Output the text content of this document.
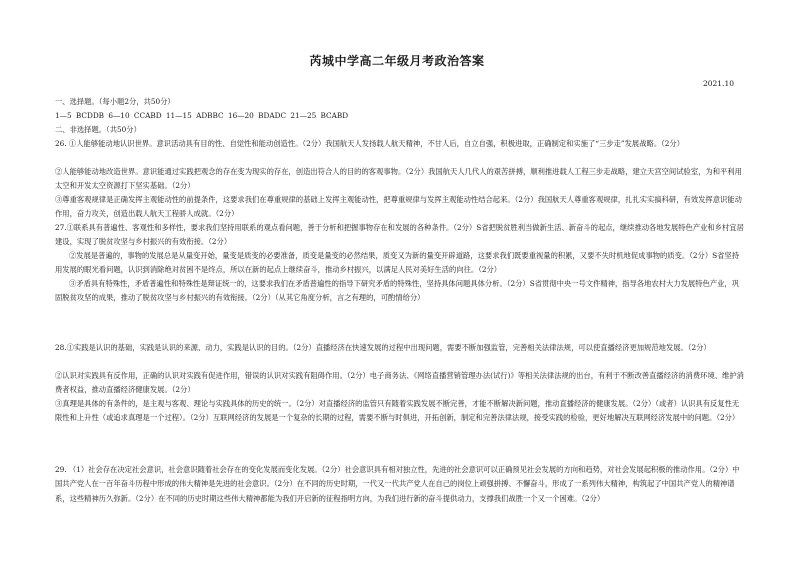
芮城中学高二年级月考政治答案
2021.10
一、选择题。（每小题2分，共50分）
1—5 BCDDB 6—10 CCABD 11—15 ADBBC 16—20 BDADC 21—25 BCABD
二、非选择题。（共50分）
26. ①人能够能动地认识世界。意识活动具有目的性、自觉性和能动创造性。（2分）我国航天人发扬载人航天精神，不甘人后，自立自强，积极进取，正确制定和实施了“三步走”发展战略。（2分）
②人能够能动地改造世界。意识能通过实践把观念的存在变为现实的存在，创造出符合人的目的的客观事物。（2分）我国航天人几代人的艰苦拼搏，顺利推进载人工程三步走战略，建立天宫空间试验室，为和平利用太空和开发太空资源打下坚实基础。（2分）
③尊重客观规律是正确发挥主观能动性的前提条件，这要求我们在尊重规律的基础上发挥主观能动性，把尊重规律与发挥主观能动性结合起来。（2分）我国航天人尊重客观规律，扎扎实实搞科研，有效发挥意识能动作用，奋力攻关，创造出载人航天工程骄人成就。（2分）
27.①联系具有普遍性、客观性和多样性，要求我们坚持用联系的观点看问题，善于分析和把握事物存在和发展的各种条件。（2分）S省把脱贫胜利当做新生活、新奋斗的起点，继续推动各地发展特色产业和乡村宜居建设，实现了脱贫攻坚与乡村振兴的有效衔接。（2分）
②发展是普遍的，事物的发展总是从量变开始，量变是质变的必要准备，质变是量变的必然结果，质变又为新的量变开辟道路，这要求我们既要重视量的积累，又要不失时机地促成事物的质变。（2分）S省坚持用发展的眼光看问题，认识到消除绝对贫困不是终点，所以在新的起点上继续奋斗，推动乡村振兴，以满足人民对美好生活的向往。（2分）
③矛盾具有特殊性，矛盾普遍性和特殊性是辩证统一的，这要求我们在矛盾普遍性的指导下研究矛盾的特殊性，坚持具体问题具体分析。（2分）S省贯彻中央一号文件精神，指导各地农村大力发展特色产业，巩固脱贫攻坚的成果，推动了脱贫攻坚与乡村振兴的有效衔接。（2分）（从其它角度分析，言之有理的，可酌情给分）
28.①实践是认识的基础，实践是认识的来源、动力，实践是认识的目的。（2分）直播经济在快速发展的过程中出现问题，需要不断加强监管，完善相关法律法规，可以使直播经济更加规范地发展。（2分）
②认识对实践具有反作用，正确的认识对实践有促进作用，错误的认识对实践有阻碍作用。（2分）电子商务法、《网络直播营销管理办法(试行)》等相关法律法规的出台，有利于不断改善直播经济的消费环境、维护消费者权益，推动直播经济健康发展。（2分）
③真理是具体的有条件的，是主观与客观、理论与实践具体的历史的统一。（2分）对直播经济的监管只有随着实践发展不断完善，才能不断解决新问题，推动直播经济的健康发展。（2分）（或者）认识具有反复性无限性和上升性（或追求真理是一个过程）。（2分）互联网经济的发展是一个复杂的长期的过程，需要不断与时俱进，开拓创新，制定和完善法律法规，接受实践的检验，更好地解决互联网经济发展中的问题。（2分）
29. （1）社会存在决定社会意识，社会意识随着社会存在的变化发展而变化发展。（2分）社会意识具有相对独立性，先进的社会意识可以正确预见社会发展的方向和趋势，对社会发展起积极的推动作用。（2分）中国共产党人在一百年奋斗历程中形成的伟大精神是先进的社会意识。（2分）在不同的历史时期，一代又一代共产党人在自己的岗位上顽强拼搏、不懈奋斗，形成了一系列伟大精神，构筑起了中国共产党人的精神谱系，这些精神历久弥新。（2分）在不同的历史时期这些伟大精神都能为我们开启新的征程指明方向，为我们进行新的奋斗提供动力，支撑我们战胜一个又一个困难。（2分）
